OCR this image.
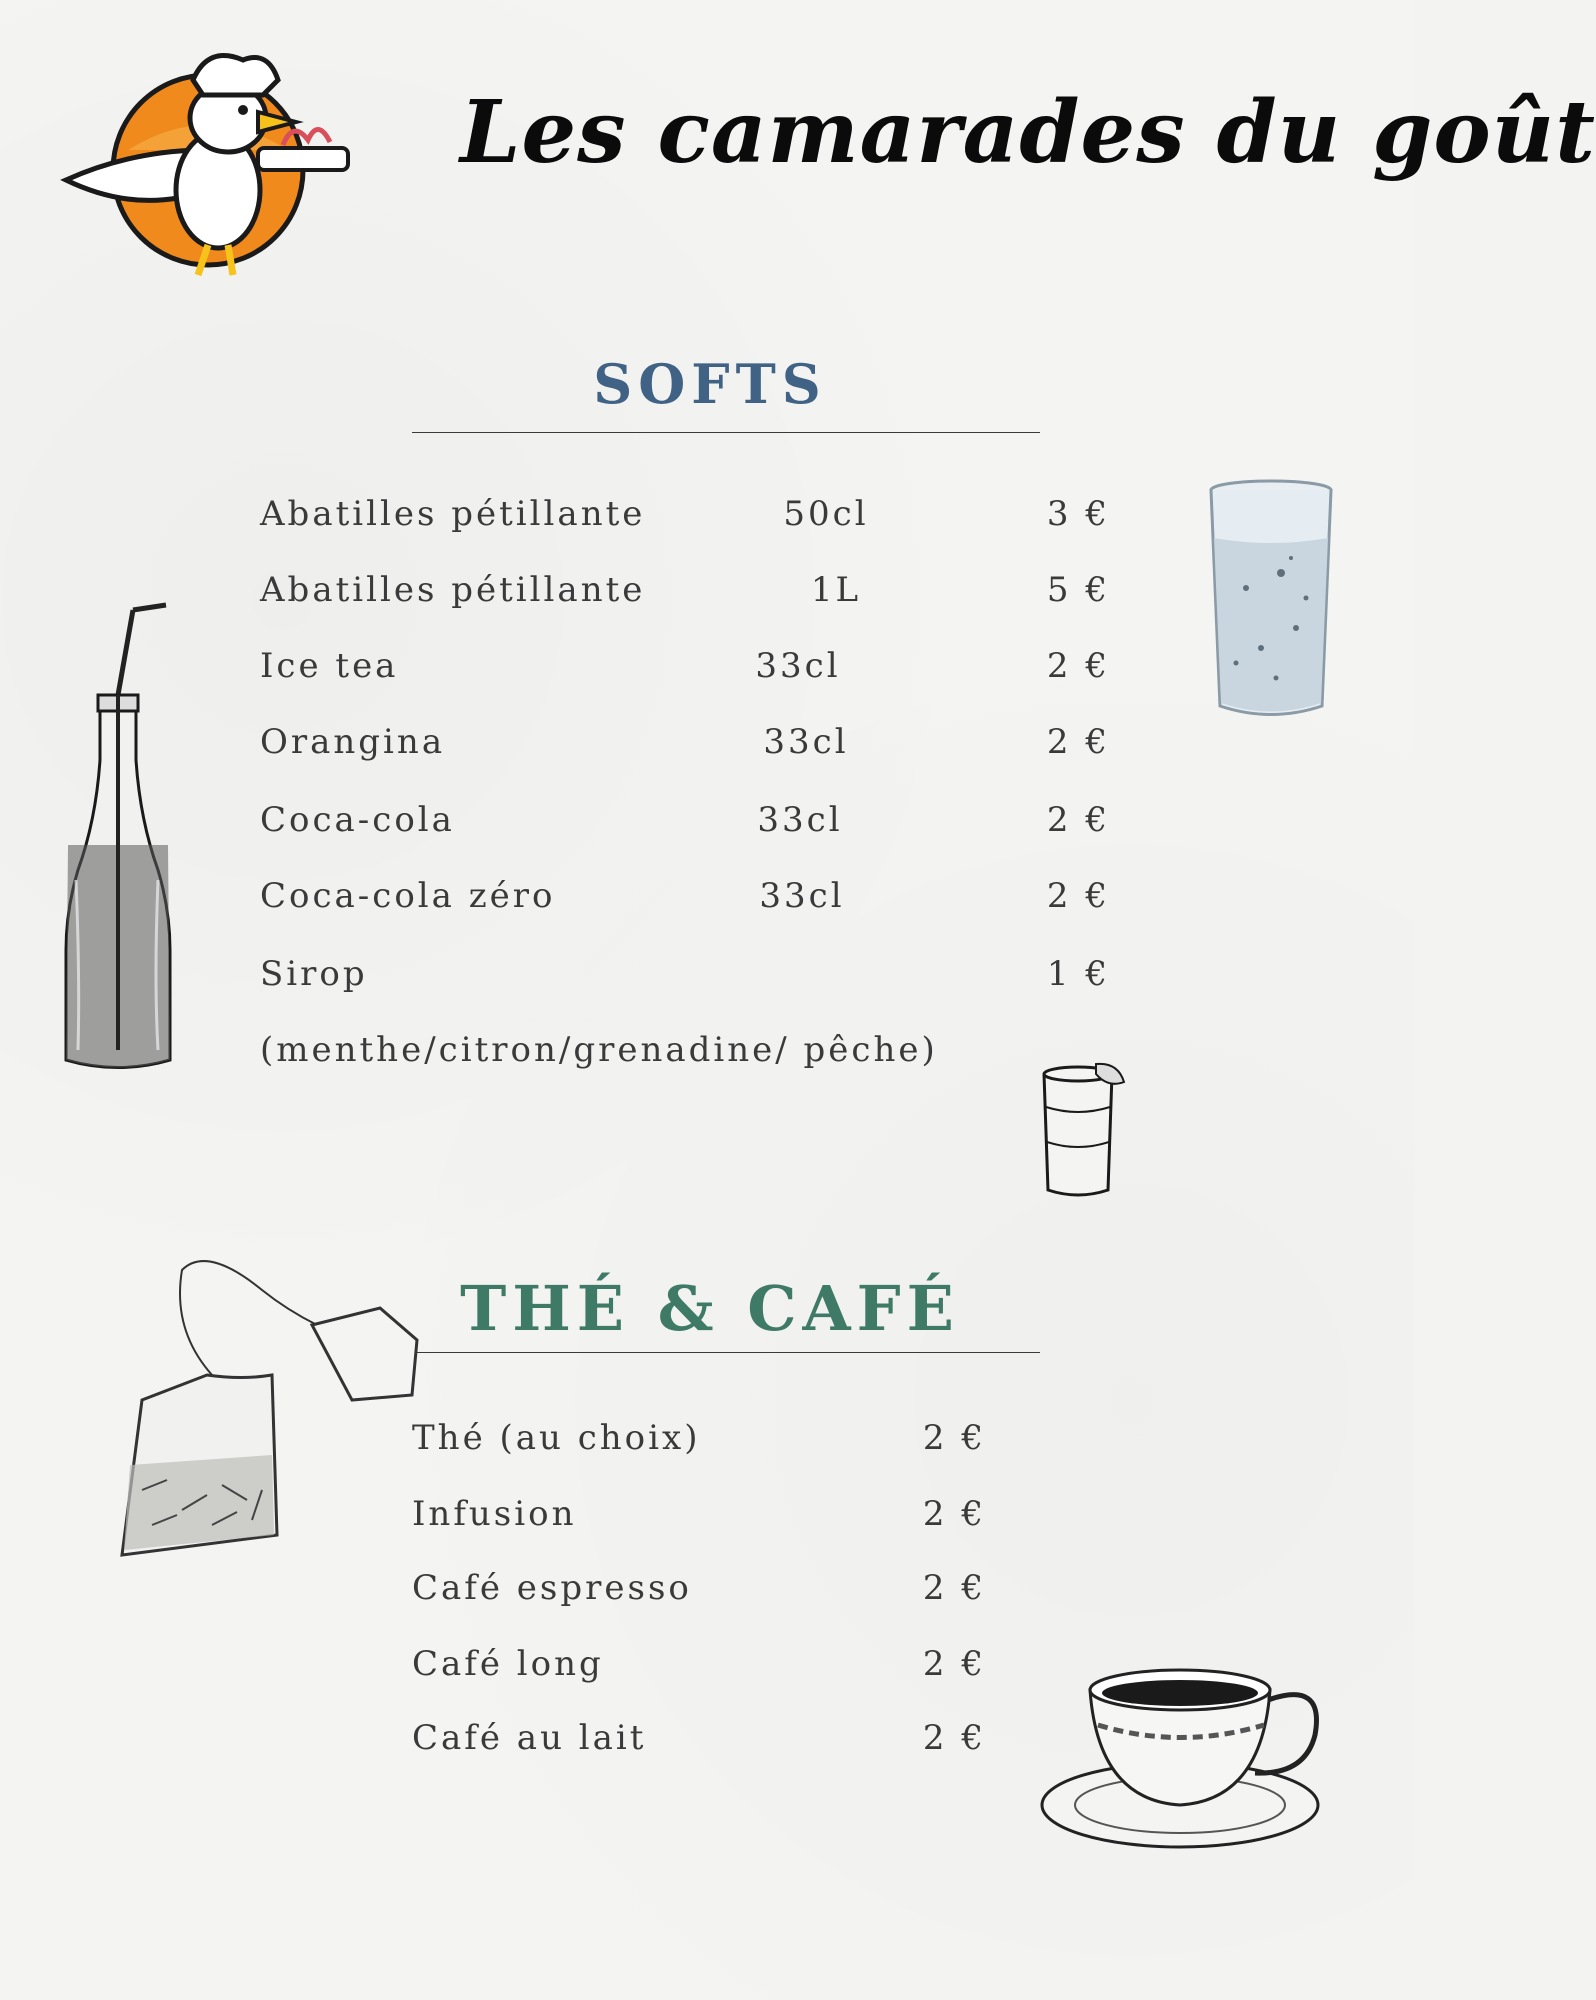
Les camarades du goût
SOFTS
Abatilles pétillante	50cl	3 €
Abatilles pétillante	1L	5 €
Ice tea	33cl	2 €
Orangina	33cl	2 €
Coca-cola	33cl	2 €
Coca-cola zéro	33cl	2 €
Sirop	1 €
(menthe/citron/grenadine/ pêche)
THÉ & CAFÉ
Thé (au choix)	2 €
Infusion	2 €
Café espresso	2 €
Café long	2 €
Café au lait	2 €
